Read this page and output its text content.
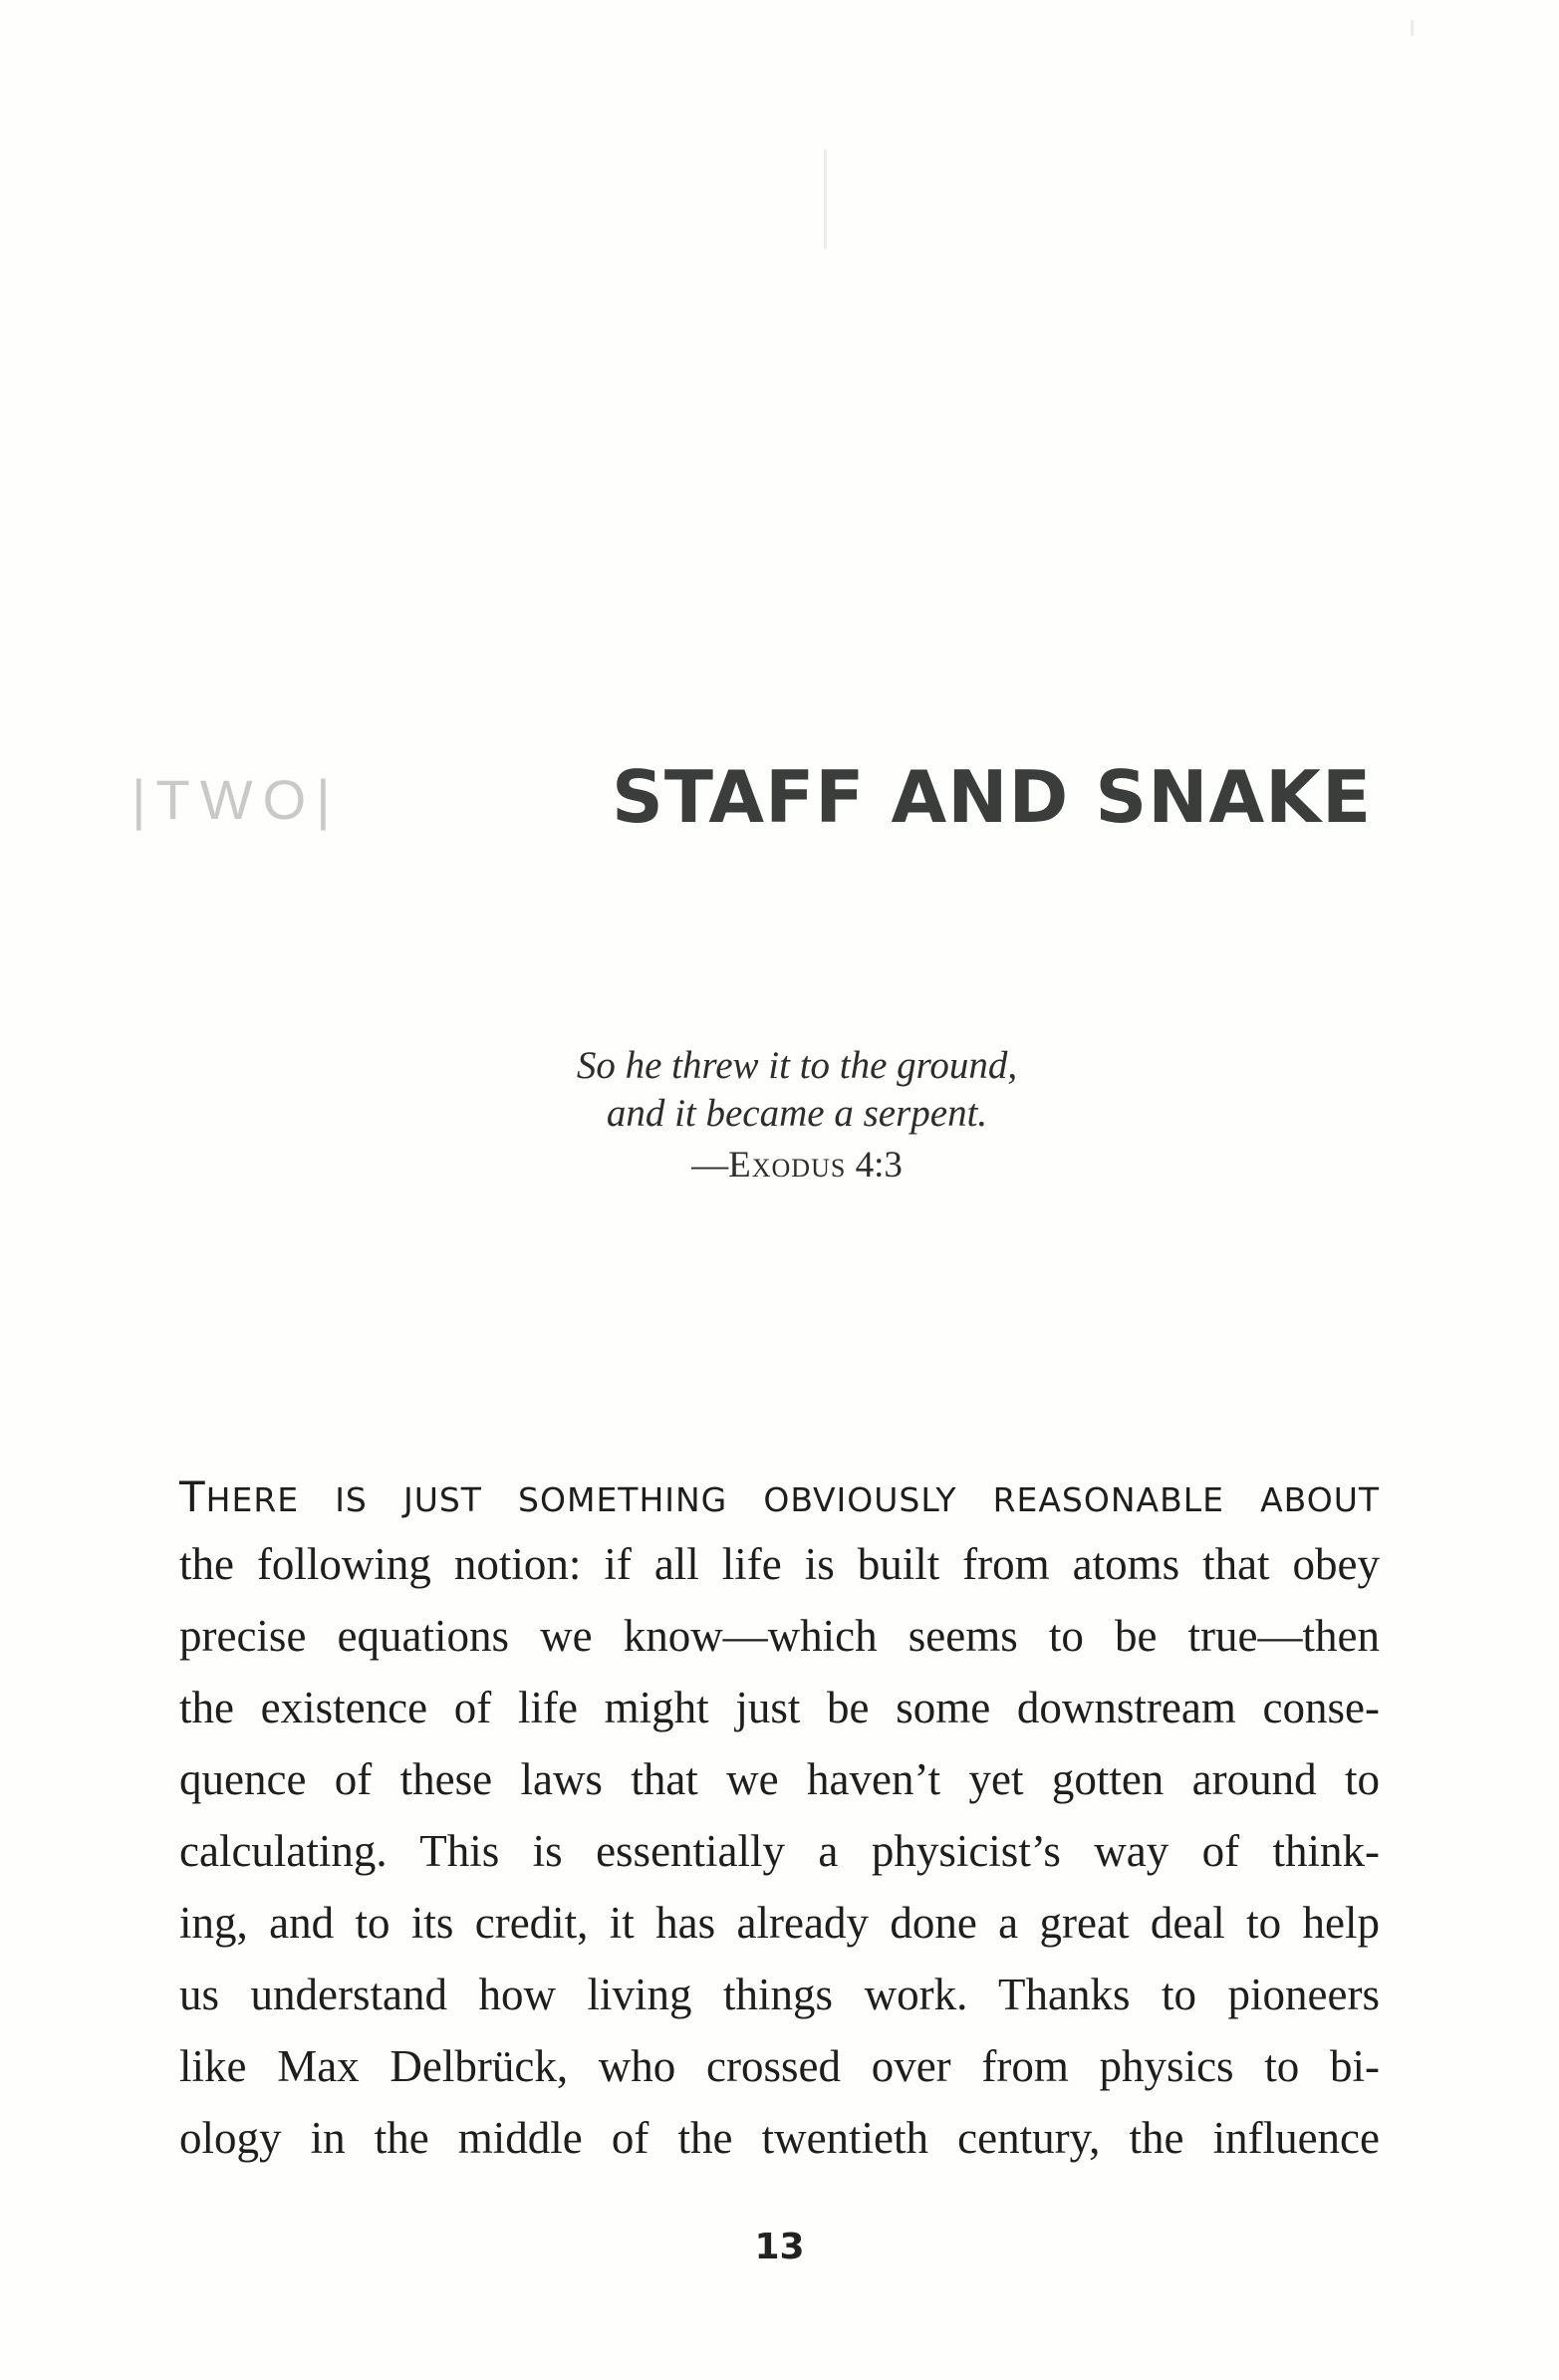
|TWO|	STAFF AND SNAKE
So he threw it to the ground,
and it became a serpent.
—Exodus 4:3
THERE IS JUST SOMETHING OBVIOUSLY REASONABLE ABOUT
the following notion: if all life is built from atoms that obey
precise equations we know—which seems to be true—then
the existence of life might just be some downstream conse-
quence of these laws that we haven’t yet gotten around to
calculating. This is essentially a physicist’s way of think-
ing, and to its credit, it has already done a great deal to help
us understand how living things work. Thanks to pioneers
like Max Delbrück, who crossed over from physics to bi-
ology in the middle of the twentieth century, the influence
13
